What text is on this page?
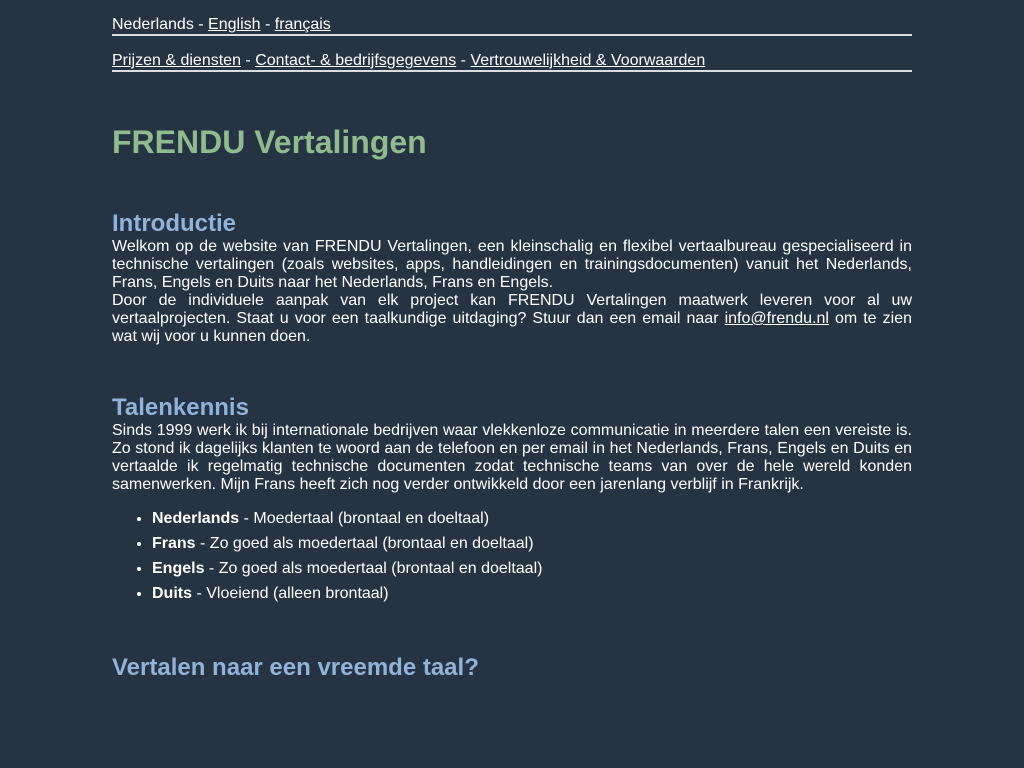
Nederlands - English - français
Prijzen & diensten - Contact- & bedrijfsgegevens - Vertrouwelijkheid & Voorwaarden
FRENDU Vertalingen
Introductie

Welkom op de website van FRENDU Vertalingen, een kleinschalig en flexibel vertaalbureau gespecialiseerd in technische vertalingen (zoals websites, apps, handleidingen en trainingsdocumenten) vanuit het Nederlands, Frans, Engels en Duits naar het Nederlands, Frans en Engels.

Door de individuele aanpak van elk project kan FRENDU Vertalingen maatwerk leveren voor al uw vertaalprojecten. Staat u voor een taalkundige uitdaging? Stuur dan een email naar info@frendu.nl om te zien wat wij voor u kunnen doen.

Talenkennis

Sinds 1999 werk ik bij internationale bedrijven waar vlekkenloze communicatie in meerdere talen een vereiste is. Zo stond ik dagelijks klanten te woord aan de telefoon en per email in het Nederlands, Frans, Engels en Duits en vertaalde ik regelmatig technische documenten zodat technische teams van over de hele wereld konden samenwerken. Mijn Frans heeft zich nog verder ontwikkeld door een jarenlang verblijf in Frankrijk.

• Nederlands - Moedertaal (brontaal en doeltaal)
• Frans - Zo goed als moedertaal (brontaal en doeltaal)
• Engels - Zo goed als moedertaal (brontaal en doeltaal)
• Duits - Vloeiend (alleen brontaal)
Vertalen naar een vreemde taal?
